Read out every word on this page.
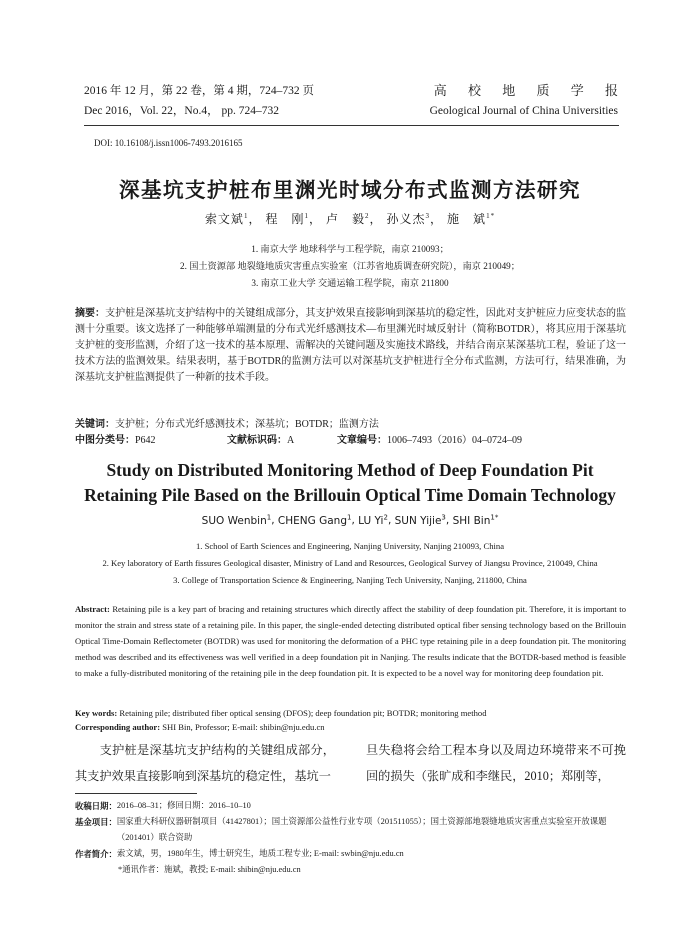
2016 年 12 月，第 22 卷，第 4 期，724–732 页
Dec 2016，Vol. 22，No.4， pp. 724–732
高 校 地 质 学 报
Geological Journal of China Universities
DOI: 10.16108/j.issn1006-7493.2016165
深基坑支护桩布里渊光时域分布式监测方法研究
索文斌$^1$， 程　刚$^1$， 卢　毅$^2$， 孙义杰$^3$， 施　斌$^{1*}$
1. 南京大学 地球科学与工程学院，南京 210093；
2. 国土资源部 地裂缝地质灾害重点实验室（江苏省地质调查研究院），南京 210049；
3. 南京工业大学 交通运输工程学院，南京 211800
摘要：支护桩是深基坑支护结构中的关键组成部分，其支护效果直接影响到深基坑的稳定性，因此对支护桩应力应变状态的监测十分重要。该文选择了一种能够单端测量的分布式光纤感测技术—布里渊光时域反射计（简称BOTDR），将其应用于深基坑支护桩的变形监测，介绍了这一技术的基本原理、需解决的关键问题及实施技术路线，并结合南京某深基坑工程，验证了这一技术方法的监测效果。结果表明，基于BOTDR的监测方法可以对深基坑支护桩进行全分布式监测，方法可行，结果准确，为深基坑支护桩监测提供了一种新的技术手段。
关键词：支护桩；分布式光纤感测技术；深基坑；BOTDR；监测方法
中图分类号：P642	文献标识码：A	文章编号：1006–7493（2016）04–0724–09
Study on Distributed Monitoring Method of Deep Foundation Pit
Retaining Pile Based on the Brillouin Optical Time Domain Technology
SUO Wenbin$^1$, CHENG Gang$^1$, LU Yi$^2$, SUN Yijie$^3$, SHI Bin$^{1*}$
1. School of Earth Sciences and Engineering, Nanjing University, Nanjing 210093, China
2. Key laboratory of Earth fissures Geological disaster, Ministry of Land and Resources, Geological Survey of Jiangsu Province, 210049, China
3. College of Transportation Science & Engineering, Nanjing Tech University, Nanjing, 211800, China
Abstract: Retaining pile is a key part of bracing and retaining structures which directly affect the stability of deep foundation pit. Therefore, it is important to monitor the strain and stress state of a retaining pile. In this paper, the single-ended detecting distributed optical fiber sensing technology based on the Brillouin Optical Time-Domain Reflectometer (BOTDR) was used for monitoring the deformation of a PHC type retaining pile in a deep foundation pit. The monitoring method was described and its effectiveness was well verified in a deep foundation pit in Nanjing. The results indicate that the BOTDR-based method is feasible to make a fully-distributed monitoring of the retaining pile in the deep foundation pit. It is expected to be a novel way for monitoring deep foundation pit.
Key words: Retaining pile; distributed fiber optical sensing (DFOS); deep foundation pit; BOTDR; monitoring method
Corresponding author: SHI Bin, Professor; E-mail: shibin@nju.edu.cn
　　支护桩是深基坑支护结构的关键组成部分，其支护效果直接影响到深基坑的稳定性，基坑一
旦失稳将会给工程本身以及周边环境带来不可挽回的损失（张旷成和李继民，2010；郑刚等，
收稿日期： 2016–08–31；修回日期：2016–10–10
基金项目： 国家重大科研仪器研制项目（41427801）；国土资源部公益性行业专项（201511055）；国土资源部地裂缝地质灾害重点实验室开放课题（201401）联合资助
作者简介： 索文斌，男，1980年生，博士研究生，地质工程专业; E-mail: swbin@nju.edu.cn
*通讯作者：施斌，教授; E-mail: shibin@nju.edu.cn
